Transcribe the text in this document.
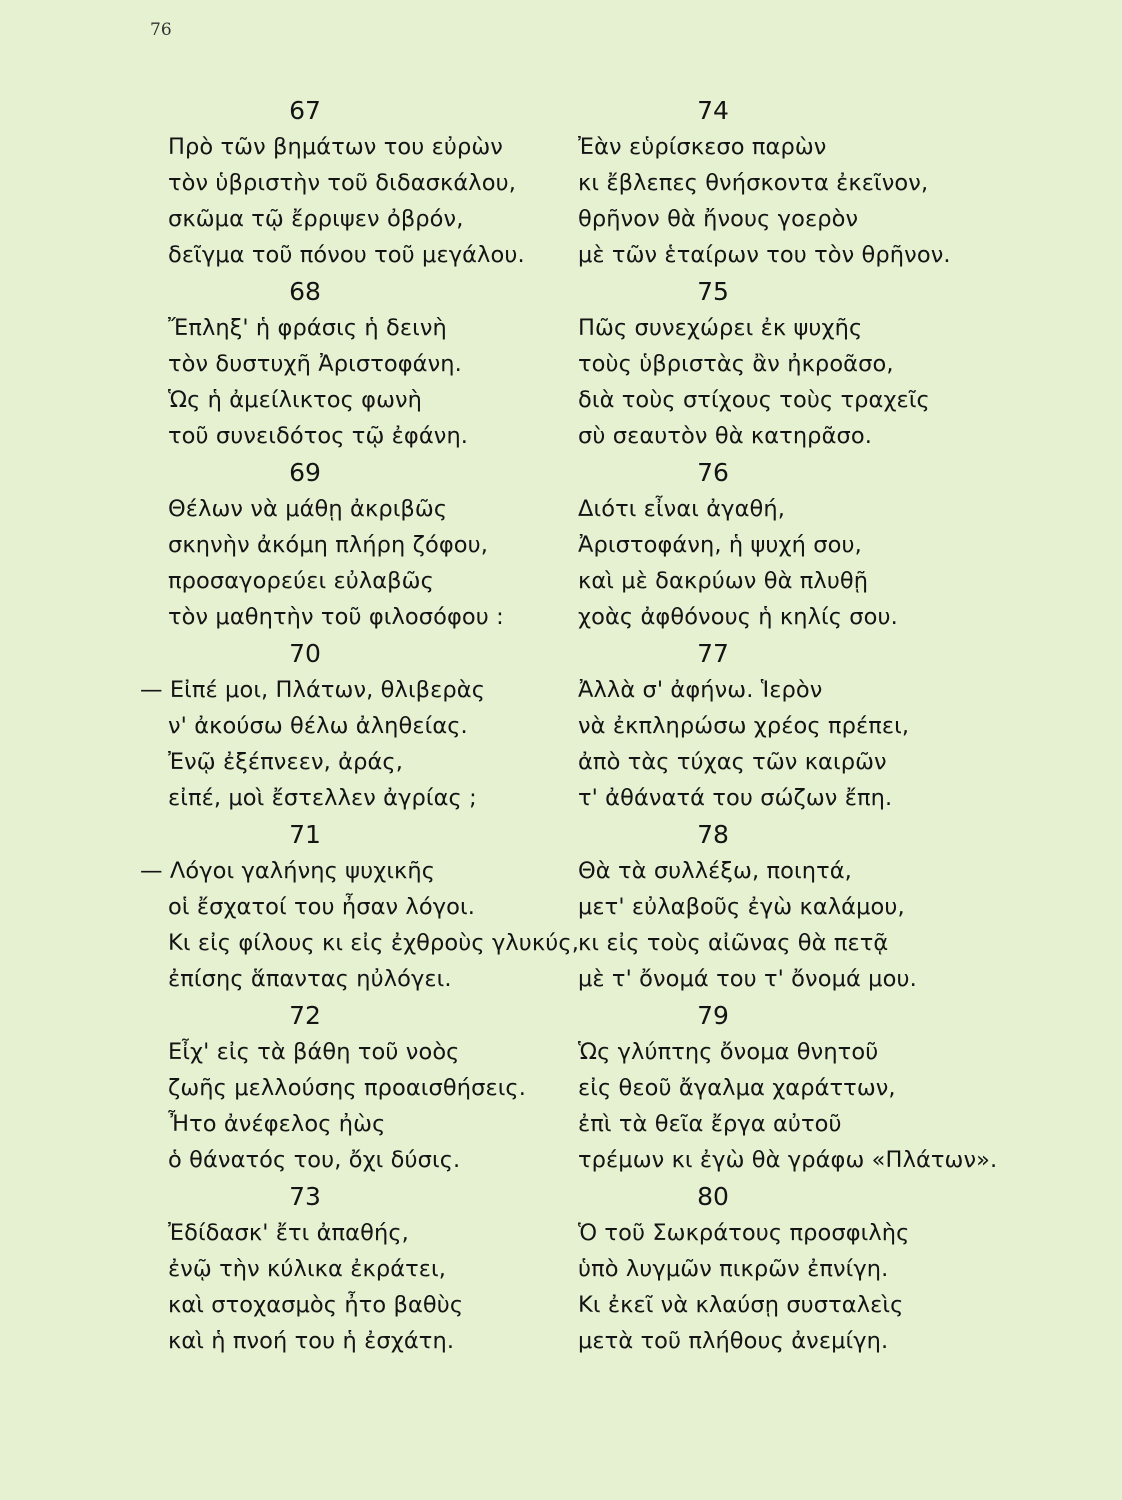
76
67
Πρὸ τῶν βημάτων του εὐρὼν
τὸν ὑβριστὴν τοῦ διδασκάλου,
σκῶμα τῷ ἔρριψεν ὀβρόν,
δεῖγμα τοῦ πόνου τοῦ μεγάλου.
68
Ἔπληξ' ἡ φράσις ἡ δεινὴ
τὸν δυστυχῆ Ἀριστοφάνη.
Ὡς ἡ ἀμείλικτος φωνὴ
τοῦ συνειδότος τῷ ἐφάνη.
69
Θέλων νὰ μάθῃ ἀκριβῶς
σκηνὴν ἀκόμη πλήρη ζόφου,
προσαγορεύει εὐλαβῶς
τὸν μαθητὴν τοῦ φιλοσόφου :
70
— Εἰπέ μοι, Πλάτων, θλιβερὰς
ν' ἀκούσω θέλω ἀληθείας.
Ἐνῷ ἐξέπνεεν, ἀράς,
εἰπέ, μοὶ ἔστελλεν ἀγρίας ;
71
— Λόγοι γαλήνης ψυχικῆς
οἱ ἔσχατοί του ἦσαν λόγοι.
Κι εἰς φίλους κι εἰς ἐχθροὺς γλυκύς,
ἐπίσης ἅπαντας ηὐλόγει.
72
Εἶχ' εἰς τὰ βάθη τοῦ νοὸς
ζωῆς μελλούσης προαισθήσεις.
Ἦτο ἀνέφελος ἠὼς
ὁ θάνατός του, ὄχι δύσις.
73
Ἐδίδασκ' ἔτι ἀπαθής,
ἐνῷ τὴν κύλικα ἐκράτει,
καὶ στοχασμὸς ἦτο βαθὺς
καὶ ἡ πνοή του ἡ ἐσχάτη.
74
Ἐὰν εὑρίσκεσο παρὼν
κι ἔβλεπες θνήσκοντα ἐκεῖνον,
θρῆνον θὰ ἤνους γοερὸν
μὲ τῶν ἑταίρων του τὸν θρῆνον.
75
Πῶς συνεχώρει ἐκ ψυχῆς
τοὺς ὑβριστὰς ἂν ἠκροᾶσο,
διὰ τοὺς στίχους τοὺς τραχεῖς
σὺ σεαυτὸν θὰ κατηρᾶσο.
76
Διότι εἶναι ἀγαθή,
Ἀριστοφάνη, ἡ ψυχή σου,
καὶ μὲ δακρύων θὰ πλυθῇ
χοὰς ἀφθόνους ἡ κηλίς σου.
77
Ἀλλὰ σ' ἀφήνω. Ἱερὸν
νὰ ἐκπληρώσω χρέος πρέπει,
ἀπὸ τὰς τύχας τῶν καιρῶν
τ' ἀθάνατά του σώζων ἔπη.
78
Θὰ τὰ συλλέξω, ποιητά,
μετ' εὐλαβοῦς ἐγὼ καλάμου,
κι εἰς τοὺς αἰῶνας θὰ πετᾷ
μὲ τ' ὄνομά του τ' ὄνομά μου.
79
Ὡς γλύπτης ὄνομα θνητοῦ
εἰς θεοῦ ἄγαλμα χαράττων,
ἐπὶ τὰ θεῖα ἔργα αὐτοῦ
τρέμων κι ἐγὼ θὰ γράφω «Πλάτων».
80
Ὁ τοῦ Σωκράτους προσφιλὴς
ὑπὸ λυγμῶν πικρῶν ἐπνίγη.
Κι ἐκεῖ νὰ κλαύσῃ συσταλεὶς
μετὰ τοῦ πλήθους ἀνεμίγη.
